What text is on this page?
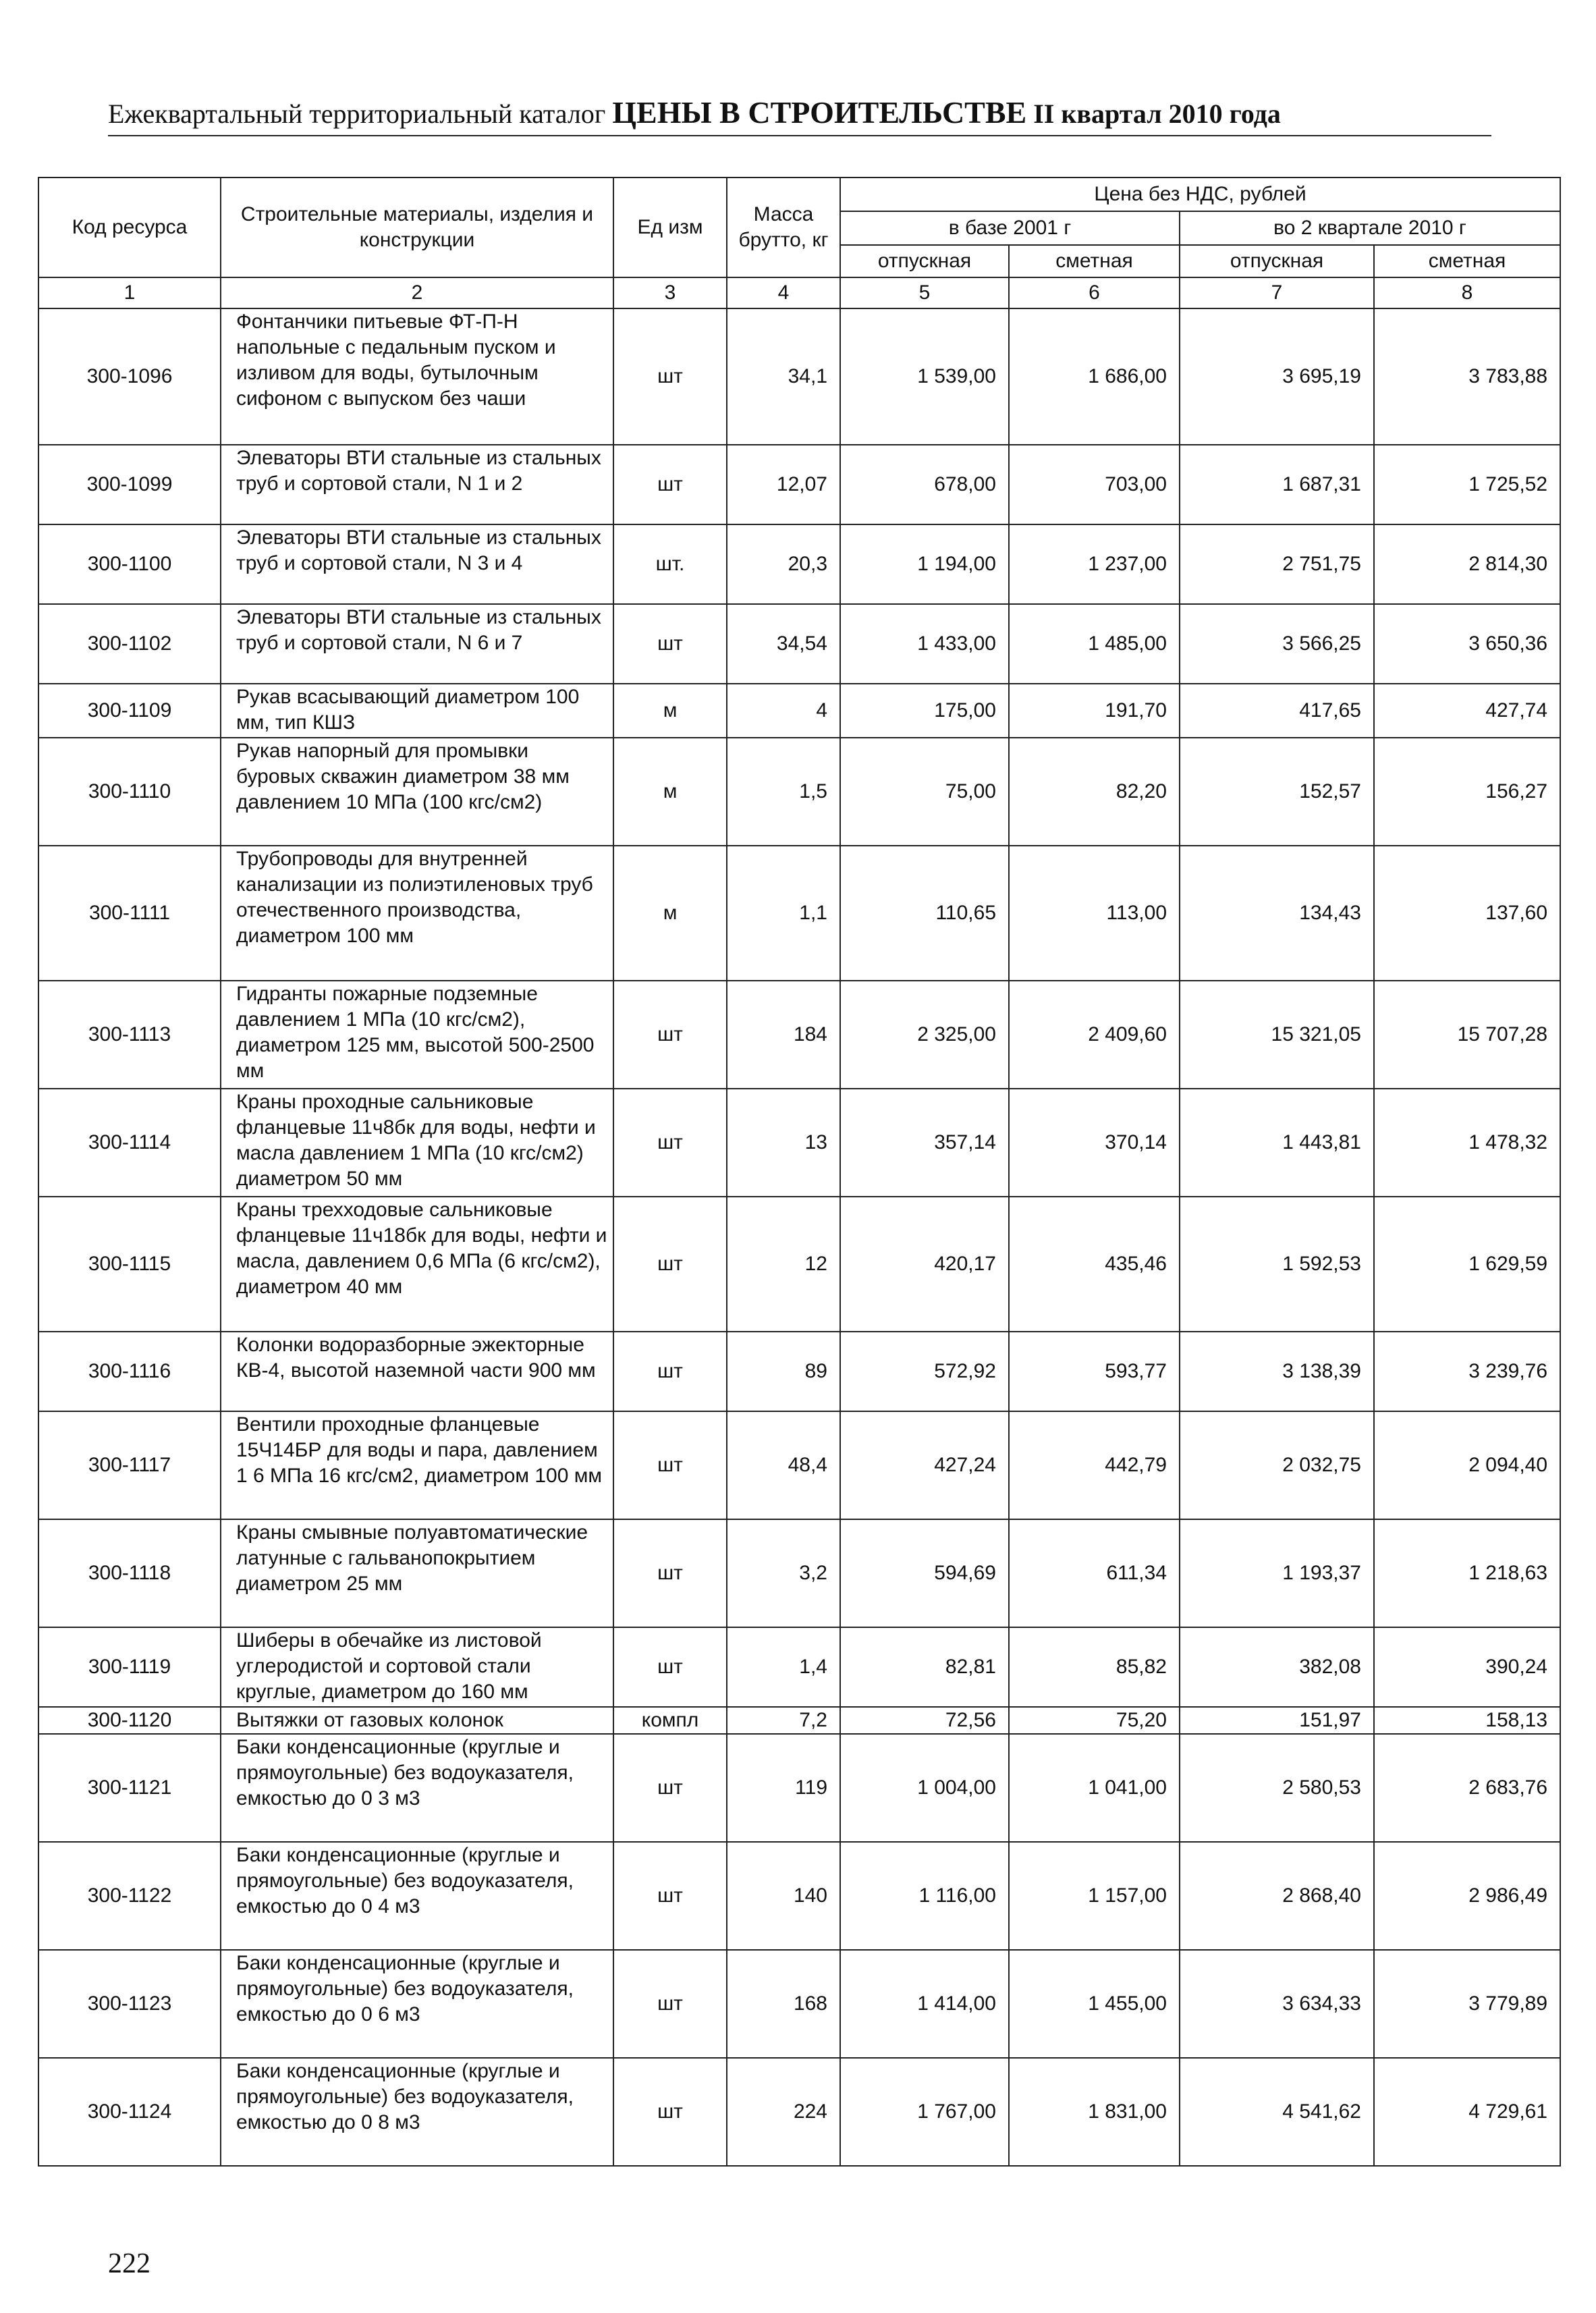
Ежеквартальный территориальный каталог ЦЕНЫ В СТРОИТЕЛЬСТВЕ II квартал 2010 года
Код ресурса	Строительные материалы, изделия и конструкции	Ед изм	Масса брутто, кг	Цена без НДС, рублей			
				в базе 2001 г		во 2 квартале 2010 г	
				отпускная	сметная	отпускная	сметная
1	2	3	4	5	6	7	8
300-1096	Фонтанчики питьевые ФТ-П-Н напольные с педальным пуском и изливом для воды, бутылочным сифоном с выпуском без чаши	шт	34,1	1 539,00	1 686,00	3 695,19	3 783,88
300-1099	Элеваторы ВТИ стальные из стальных труб и сортовой стали, N 1 и 2	шт	12,07	678,00	703,00	1 687,31	1 725,52
300-1100	Элеваторы ВТИ стальные из стальных труб и сортовой стали, N 3 и 4	шт.	20,3	1 194,00	1 237,00	2 751,75	2 814,30
300-1102	Элеваторы ВТИ стальные из стальных труб и сортовой стали, N 6 и 7	шт	34,54	1 433,00	1 485,00	3 566,25	3 650,36
300-1109	Рукав всасывающий диаметром 100 мм, тип КШЗ	м	4	175,00	191,70	417,65	427,74
300-1110	Рукав напорный для промывки буровых скважин диаметром 38 мм давлением 10 МПа (100 кгс/см2)	м	1,5	75,00	82,20	152,57	156,27
300-1111	Трубопроводы для внутренней канализации из полиэтиленовых труб отечественного производства, диаметром 100 мм	м	1,1	110,65	113,00	134,43	137,60
300-1113	Гидранты пожарные подземные давлением 1 МПа (10 кгс/см2), диаметром 125 мм, высотой 500-2500 мм	шт	184	2 325,00	2 409,60	15 321,05	15 707,28
300-1114	Краны проходные сальниковые фланцевые 11ч8бк для воды, нефти и масла давлением 1 МПа (10 кгс/см2) диаметром 50 мм	шт	13	357,14	370,14	1 443,81	1 478,32
300-1115	Краны трехходовые сальниковые фланцевые 11ч18бк для воды, нефти и масла, давлением 0,6 МПа (6 кгс/см2), диаметром 40 мм	шт	12	420,17	435,46	1 592,53	1 629,59
300-1116	Колонки водоразборные эжекторные КВ-4, высотой наземной части 900 мм	шт	89	572,92	593,77	3 138,39	3 239,76
300-1117	Вентили проходные фланцевые 15Ч14БР для воды и пара, давлением 1 6 МПа 16 кгс/см2, диаметром 100 мм	шт	48,4	427,24	442,79	2 032,75	2 094,40
300-1118	Краны смывные полуавтоматические латунные с гальванопокрытием диаметром 25 мм	шт	3,2	594,69	611,34	1 193,37	1 218,63
300-1119	Шиберы в обечайке из листовой углеродистой и сортовой стали круглые, диаметром до 160 мм	шт	1,4	82,81	85,82	382,08	390,24
300-1120	Вытяжки от газовых колонок	компл	7,2	72,56	75,20	151,97	158,13
300-1121	Баки конденсационные (круглые и прямоугольные) без водоуказателя, емкостью до 0 3 м3	шт	119	1 004,00	1 041,00	2 580,53	2 683,76
300-1122	Баки конденсационные (круглые и прямоугольные) без водоуказателя, емкостью до 0 4 м3	шт	140	1 116,00	1 157,00	2 868,40	2 986,49
300-1123	Баки конденсационные (круглые и прямоугольные) без водоуказателя, емкостью до 0 6 м3	шт	168	1 414,00	1 455,00	3 634,33	3 779,89
300-1124	Баки конденсационные (круглые и прямоугольные) без водоуказателя, емкостью до 0 8 м3	шт	224	1 767,00	1 831,00	4 541,62	4 729,61
222
